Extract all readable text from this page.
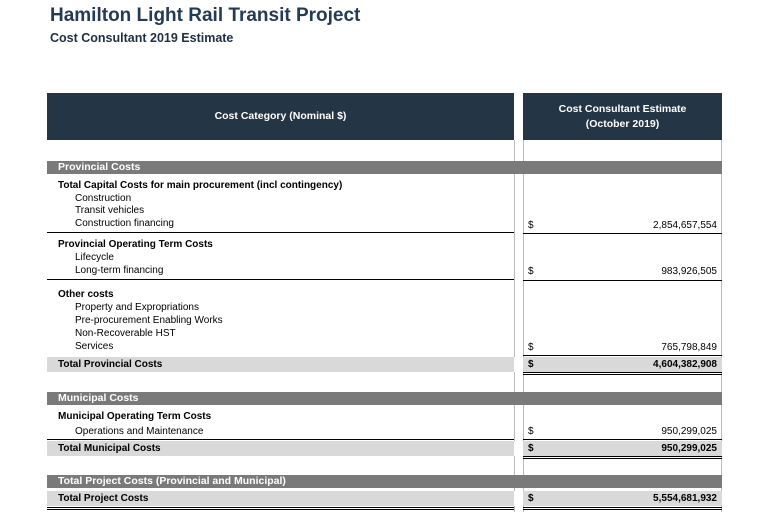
Hamilton Light Rail Transit Project
Cost Consultant 2019 Estimate
Cost Category (Nominal $)
Cost Consultant Estimate
(October 2019)
Provincial Costs
Total Capital Costs for main procurement (incl contingency)
Construction
Transit vehicles
Construction financing	$	2,854,657,554
Provincial Operating Term Costs
Lifecycle
Long-term financing	$	983,926,505
Other costs
Property and Expropriations
Pre-procurement Enabling Works
Non-Recoverable HST
Services	$	765,798,849
Total Provincial Costs	$	4,604,382,908
Municipal Costs
Municipal Operating Term Costs
Operations and Maintenance	$	950,299,025
Total Municipal Costs	$	950,299,025
Total Project Costs (Provincial and Municipal)
Total Project Costs	$	5,554,681,932
